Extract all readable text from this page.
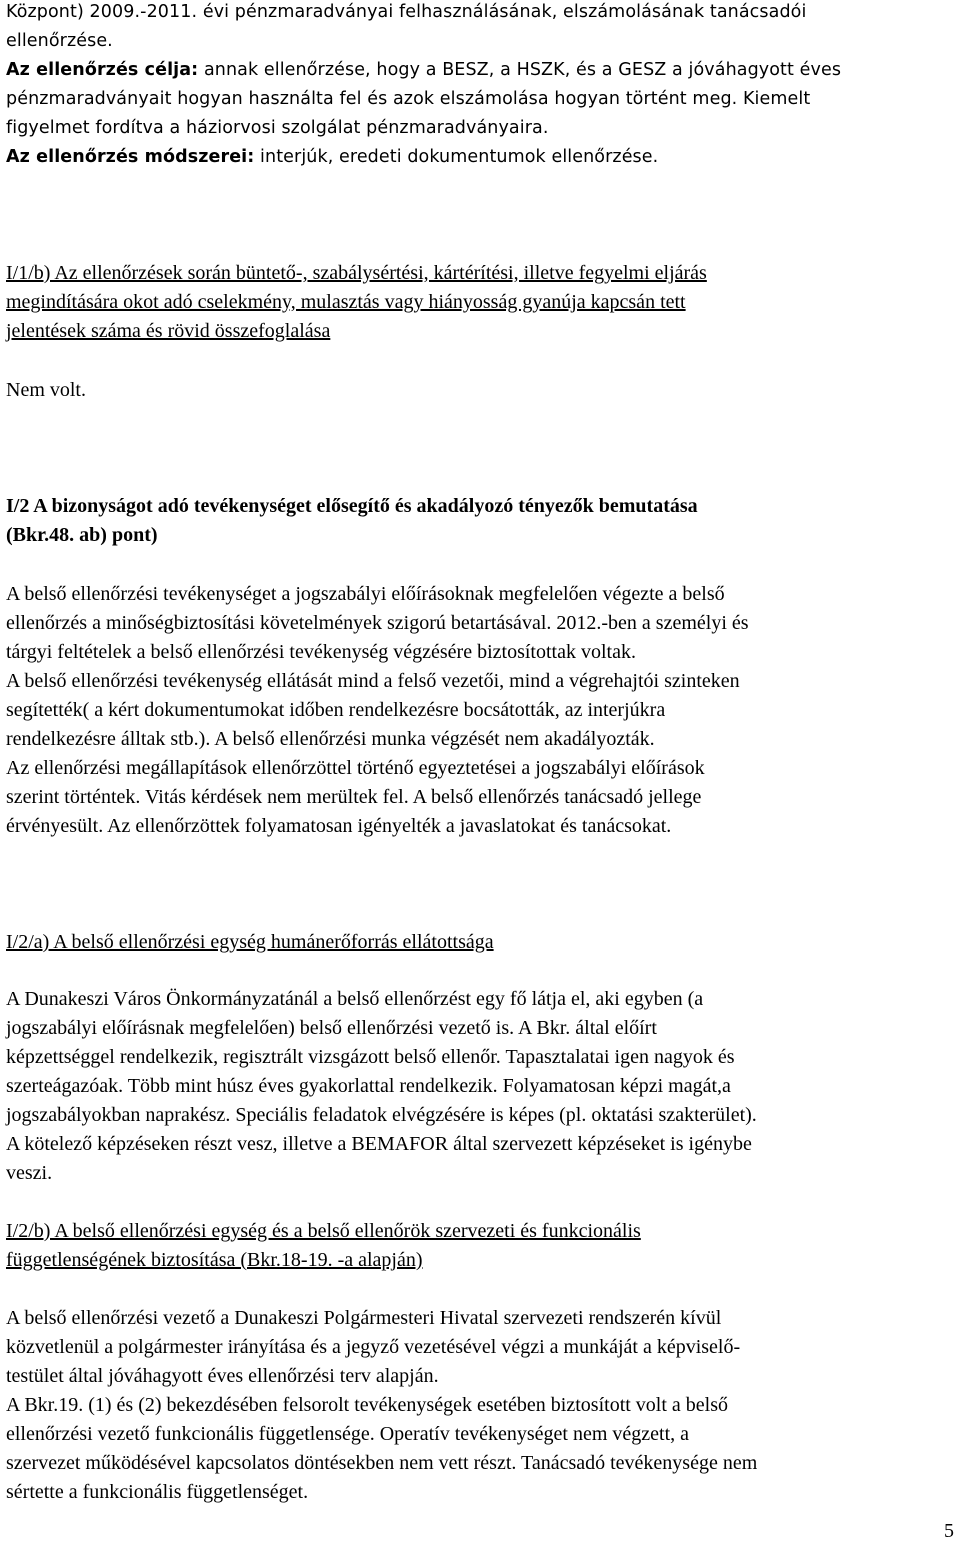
Központ) 2009.-2011. évi pénzmaradványai felhasználásának, elszámolásának tanácsadói
ellenőrzése.
Az ellenőrzés célja: annak ellenőrzése, hogy a BESZ, a HSZK, és a GESZ a jóváhagyott éves
pénzmaradványait hogyan használta fel és azok elszámolása hogyan történt meg. Kiemelt
figyelmet fordítva a háziorvosi szolgálat pénzmaradványaira.
Az ellenőrzés módszerei: interjúk, eredeti dokumentumok ellenőrzése.
I/1/b) Az ellenőrzések során büntető-, szabálysértési, kártérítési, illetve fegyelmi eljárás
megindítására okot adó cselekmény, mulasztás vagy hiányosság gyanúja kapcsán tett
jelentések száma és rövid összefoglalása
Nem volt.
I/2 A bizonyságot adó tevékenységet elősegítő és akadályozó tényezők bemutatása
(Bkr.48. ab) pont)
A belső ellenőrzési tevékenységet a jogszabályi előírásoknak megfelelően végezte a belső
ellenőrzés a minőségbiztosítási követelmények szigorú betartásával. 2012.-ben a személyi és
tárgyi feltételek a belső ellenőrzési tevékenység végzésére biztosítottak voltak.
A belső ellenőrzési tevékenység ellátását mind a felső vezetői, mind a végrehajtói szinteken
segítették( a kért dokumentumokat időben rendelkezésre bocsátották, az interjúkra
rendelkezésre álltak stb.). A belső ellenőrzési munka végzését nem akadályozták.
Az ellenőrzési megállapítások ellenőrzöttel történő egyeztetései a jogszabályi előírások
szerint történtek. Vitás kérdések nem merültek fel. A belső ellenőrzés tanácsadó jellege
érvényesült. Az ellenőrzöttek folyamatosan igényelték a javaslatokat és tanácsokat.
I/2/a) A belső ellenőrzési egység humánerőforrás ellátottsága
A Dunakeszi Város Önkormányzatánál a belső ellenőrzést egy fő látja el, aki egyben (a
jogszabályi előírásnak megfelelően) belső ellenőrzési vezető is. A Bkr. által előírt
képzettséggel rendelkezik, regisztrált vizsgázott belső ellenőr. Tapasztalatai igen nagyok és
szerteágazóak. Több mint húsz éves gyakorlattal rendelkezik. Folyamatosan képzi magát,a
jogszabályokban naprakész. Speciális feladatok elvégzésére is képes (pl. oktatási szakterület).
A kötelező képzéseken részt vesz, illetve a BEMAFOR által szervezett képzéseket is igénybe
veszi.
I/2/b) A belső ellenőrzési egység és a belső ellenőrök szervezeti és funkcionális
függetlenségének biztosítása (Bkr.18-19. -a alapján)
A belső ellenőrzési vezető a Dunakeszi Polgármesteri Hivatal szervezeti rendszerén kívül
közvetlenül a polgármester irányítása és a jegyző vezetésével végzi a munkáját a képviselő-
testület által jóváhagyott éves ellenőrzési terv alapján.
A Bkr.19. (1) és (2) bekezdésében felsorolt tevékenységek esetében biztosított volt a belső
ellenőrzési vezető funkcionális függetlensége. Operatív tevékenységet nem végzett, a
szervezet működésével kapcsolatos döntésekben nem vett részt. Tanácsadó tevékenysége nem
sértette a funkcionális függetlenséget.
5
